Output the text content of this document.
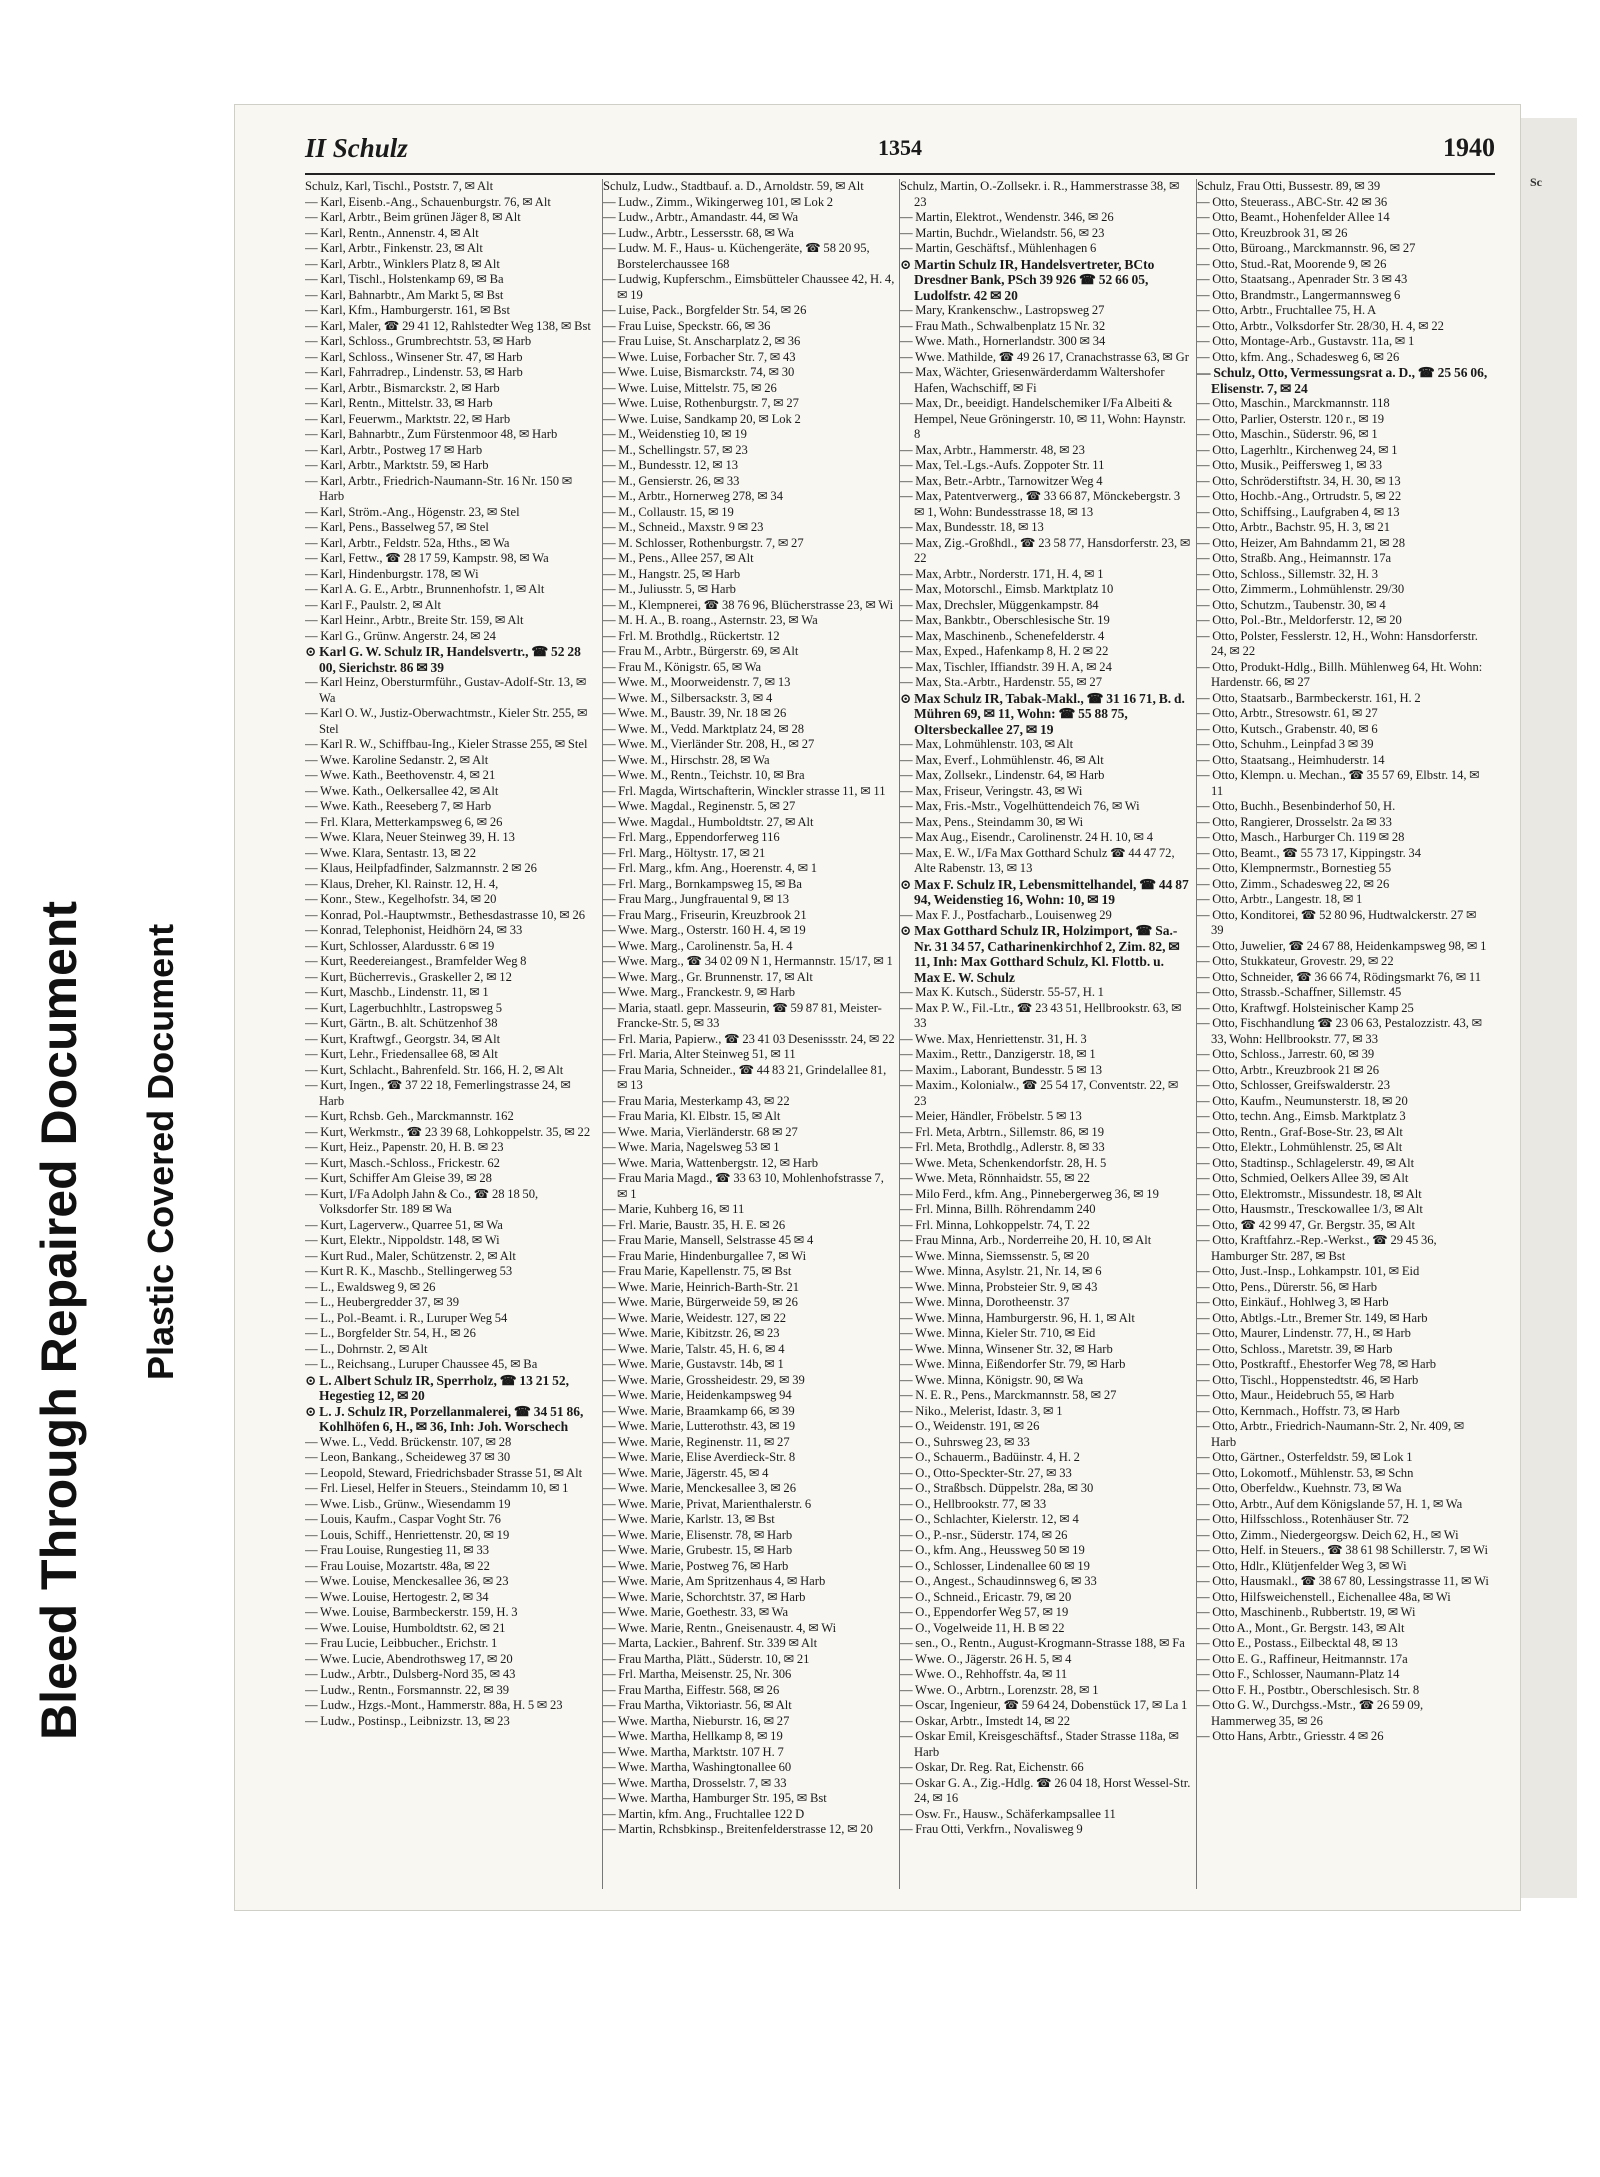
Bleed Through Repaired Document Plastic Covered Document
Sc
II Schulz	1354	1940

Schulz, Karl, Tischl., Poststr. 7, ✉ Alt

— Karl, Eisenb.-Ang., Schauenburgstr. 76, ✉ Alt

— Karl, Arbtr., Beim grünen Jäger 8, ✉ Alt

— Karl, Rentn., Annenstr. 4, ✉ Alt

— Karl, Arbtr., Finkenstr. 23, ✉ Alt

— Karl, Arbtr., Winklers Platz 8, ✉ Alt

— Karl, Tischl., Holstenkamp 69, ✉ Ba

— Karl, Bahnarbtr., Am Markt 5, ✉ Bst

— Karl, Kfm., Hamburgerstr. 161, ✉ Bst

— Karl, Maler, ☎ 29 41 12, Rahlstedter Weg 138, ✉ Bst

— Karl, Schloss., Grumbrechtstr. 53, ✉ Harb

— Karl, Schloss., Winsener Str. 47, ✉ Harb

— Karl, Fahrradrep., Lindenstr. 53, ✉ Harb

— Karl, Arbtr., Bismarckstr. 2, ✉ Harb

— Karl, Rentn., Mittelstr. 33, ✉ Harb

— Karl, Feuerwm., Marktstr. 22, ✉ Harb

— Karl, Bahnarbtr., Zum Fürstenmoor 48, ✉ Harb

— Karl, Arbtr., Postweg 17 ✉ Harb

— Karl, Arbtr., Marktstr. 59, ✉ Harb

— Karl, Arbtr., Friedrich-Naumann-Str. 16 Nr. 150 ✉ Harb

— Karl, Ström.-Ang., Högenstr. 23, ✉ Stel

— Karl, Pens., Basselweg 57, ✉ Stel

— Karl, Arbtr., Feldstr. 52a, Hths., ✉ Wa

— Karl, Fettw., ☎ 28 17 59, Kampstr. 98, ✉ Wa

— Karl, Hindenburgstr. 178, ✉ Wi

— Karl A. G. E., Arbtr., Brunnenhofstr. 1, ✉ Alt

— Karl F., Paulstr. 2, ✉ Alt

— Karl Heinr., Arbtr., Breite Str. 159, ✉ Alt

— Karl G., Grünw. Angerstr. 24, ✉ 24

⊙ Karl G. W. Schulz IR, Handelsvertr., ☎ 52 28 00, Sierichstr. 86 ✉ 39

— Karl Heinz, Obersturmführ., Gustav-Adolf-Str. 13, ✉ Wa

— Karl O. W., Justiz-Oberwachtmstr., Kieler Str. 255, ✉ Stel

— Karl R. W., Schiffbau-Ing., Kieler Strasse 255, ✉ Stel

— Wwe. Karoline Sedanstr. 2, ✉ Alt

— Wwe. Kath., Beethovenstr. 4, ✉ 21

— Wwe. Kath., Oelkersallee 42, ✉ Alt

— Wwe. Kath., Reeseberg 7, ✉ Harb

— Frl. Klara, Metterkampsweg 6, ✉ 26

— Wwe. Klara, Neuer Steinweg 39, H. 13

— Wwe. Klara, Sentastr. 13, ✉ 22

— Klaus, Heilpfadfinder, Salzmannstr. 2 ✉ 26

— Klaus, Dreher, Kl. Rainstr. 12, H. 4,

— Konr., Stew., Kegelhofstr. 34, ✉ 20

— Konrad, Pol.-Hauptwmstr., Bethesdastrasse 10, ✉ 26

— Konrad, Telephonist, Heidhörn 24, ✉ 33

— Kurt, Schlosser, Alardusstr. 6 ✉ 19

— Kurt, Reedereiangest., Bramfelder Weg 8

— Kurt, Bücherrevis., Graskeller 2, ✉ 12

— Kurt, Maschb., Lindenstr. 11, ✉ 1

— Kurt, Lagerbuchhltr., Lastropsweg 5

— Kurt, Gärtn., B. alt. Schützenhof 38

— Kurt, Kraftwgf., Georgstr. 34, ✉ Alt

— Kurt, Lehr., Friedensallee 68, ✉ Alt

— Kurt, Schlacht., Bahrenfeld. Str. 166, H. 2, ✉ Alt

— Kurt, Ingen., ☎ 37 22 18, Femerlingstrasse 24, ✉ Harb

— Kurt, Rchsb. Geh., Marckmannstr. 162

— Kurt, Werkmstr., ☎ 23 39 68, Lohkoppelstr. 35, ✉ 22

— Kurt, Heiz., Papenstr. 20, H. B. ✉ 23

— Kurt, Masch.-Schloss., Frickestr. 62

— Kurt, Schiffer Am Gleise 39, ✉ 28

— Kurt, I/Fa Adolph Jahn & Co., ☎ 28 18 50, Volksdorfer Str. 189 ✉ Wa

— Kurt, Lagerverw., Quarree 51, ✉ Wa

— Kurt, Elektr., Nippoldstr. 148, ✉ Wi

— Kurt Rud., Maler, Schützenstr. 2, ✉ Alt

— Kurt R. K., Maschb., Stellingerweg 53

— L., Ewaldsweg 9, ✉ 26

— L., Heubergredder 37, ✉ 39

— L., Pol.-Beamt. i. R., Luruper Weg 54

— L., Borgfelder Str. 54, H., ✉ 26

— L., Dohrnstr. 2, ✉ Alt

— L., Reichsang., Luruper Chaussee 45, ✉ Ba

⊙ L. Albert Schulz IR, Sperrholz, ☎ 13 21 52, Hegestieg 12, ✉ 20

⊙ L. J. Schulz IR, Porzellanmalerei, ☎ 34 51 86, Kohlhöfen 6, H., ✉ 36, Inh: Joh. Worschech

— Wwe. L., Vedd. Brückenstr. 107, ✉ 28

— Leon, Bankang., Scheideweg 37 ✉ 30

— Leopold, Steward, Friedrichsbader Strasse 51, ✉ Alt

— Frl. Liesel, Helfer in Steuers., Steindamm 10, ✉ 1

— Wwe. Lisb., Grünw., Wiesendamm 19

— Louis, Kaufm., Caspar Voght Str. 76

— Louis, Schiff., Henriettenstr. 20, ✉ 19

— Frau Louise, Rungestieg 11, ✉ 33

— Frau Louise, Mozartstr. 48a, ✉ 22

— Wwe. Louise, Menckesallee 36, ✉ 23

— Wwe. Louise, Hertogestr. 2, ✉ 34

— Wwe. Louise, Barmbeckerstr. 159, H. 3

— Wwe. Louise, Humboldtstr. 62, ✉ 21

— Frau Lucie, Leibbucher., Erichstr. 1

— Wwe. Lucie, Abendrothsweg 17, ✉ 20

— Ludw., Arbtr., Dulsberg-Nord 35, ✉ 43

— Ludw., Rentn., Forsmannstr. 22, ✉ 39

— Ludw., Hzgs.-Mont., Hammerstr. 88a, H. 5 ✉ 23

— Ludw., Postinsp., Leibnizstr. 13, ✉ 23

Schulz, Ludw., Stadtbauf. a. D., Arnoldstr. 59, ✉ Alt

— Ludw., Zimm., Wikingerweg 101, ✉ Lok 2

— Ludw., Arbtr., Amandastr. 44, ✉ Wa

— Ludw., Arbtr., Lessersstr. 68, ✉ Wa

— Ludw. M. F., Haus- u. Küchengeräte, ☎ 58 20 95, Borstelerchaussee 168

— Ludwig, Kupferschm., Eimsbütteler Chaussee 42, H. 4, ✉ 19

— Luise, Pack., Borgfelder Str. 54, ✉ 26

— Frau Luise, Speckstr. 66, ✉ 36

— Frau Luise, St. Anscharplatz 2, ✉ 36

— Wwe. Luise, Forbacher Str. 7, ✉ 43

— Wwe. Luise, Bismarckstr. 74, ✉ 30

— Wwe. Luise, Mittelstr. 75, ✉ 26

— Wwe. Luise, Rothenburgstr. 7, ✉ 27

— Wwe. Luise, Sandkamp 20, ✉ Lok 2

— M., Weidenstieg 10, ✉ 19

— M., Schellingstr. 57, ✉ 23

— M., Bundesstr. 12, ✉ 13

— M., Gensierstr. 26, ✉ 33

— M., Arbtr., Hornerweg 278, ✉ 34

— M., Collaustr. 15, ✉ 19

— M., Schneid., Maxstr. 9 ✉ 23

— M. Schlosser, Rothenburgstr. 7, ✉ 27

— M., Pens., Allee 257, ✉ Alt

— M., Hangstr. 25, ✉ Harb

— M., Juliusstr. 5, ✉ Harb

— M., Klempnerei, ☎ 38 76 96, Blücherstrasse 23, ✉ Wi

— M. H. A., B. roang., Asternstr. 23, ✉ Wa

— Frl. M. Brothdlg., Rückertstr. 12

— Frau M., Arbtr., Bürgerstr. 69, ✉ Alt

— Frau M., Königstr. 65, ✉ Wa

— Wwe. M., Moorweidenstr. 7, ✉ 13

— Wwe. M., Silbersackstr. 3, ✉ 4

— Wwe. M., Baustr. 39, Nr. 18 ✉ 26

— Wwe. M., Vedd. Marktplatz 24, ✉ 28

— Wwe. M., Vierländer Str. 208, H., ✉ 27

— Wwe. M., Hirschstr. 28, ✉ Wa

— Wwe. M., Rentn., Teichstr. 10, ✉ Bra

— Frl. Magda, Wirtschafterin, Winckler strasse 11, ✉ 11

— Wwe. Magdal., Reginenstr. 5, ✉ 27

— Wwe. Magdal., Humboldtstr. 27, ✉ Alt

— Frl. Marg., Eppendorferweg 116

— Frl. Marg., Höltystr. 17, ✉ 21

— Frl. Marg., kfm. Ang., Hoerenstr. 4, ✉ 1

— Frl. Marg., Bornkampsweg 15, ✉ Ba

— Frau Marg., Jungfrauental 9, ✉ 13

— Frau Marg., Friseurin, Kreuzbrook 21

— Wwe. Marg., Osterstr. 160 H. 4, ✉ 19

— Wwe. Marg., Carolinenstr. 5a, H. 4

— Wwe. Marg., ☎ 34 02 09 N 1, Hermannstr. 15/17, ✉ 1

— Wwe. Marg., Gr. Brunnenstr. 17, ✉ Alt

— Wwe. Marg., Franckestr. 9, ✉ Harb

— Maria, staatl. gepr. Masseurin, ☎ 59 87 81, Meister-Francke-Str. 5, ✉ 33

— Frl. Maria, Papierw., ☎ 23 41 03 Desenissstr. 24, ✉ 22

— Frl. Maria, Alter Steinweg 51, ✉ 11

— Frau Maria, Schneider., ☎ 44 83 21, Grindelallee 81, ✉ 13

— Frau Maria, Mesterkamp 43, ✉ 22

— Frau Maria, Kl. Elbstr. 15, ✉ Alt

— Wwe. Maria, Vierländerstr. 68 ✉ 27

— Wwe. Maria, Nagelsweg 53 ✉ 1

— Wwe. Maria, Wattenbergstr. 12, ✉ Harb

— Frau Maria Magd., ☎ 33 63 10, Mohlenhofstrasse 7, ✉ 1

— Marie, Kuhberg 16, ✉ 11

— Frl. Marie, Baustr. 35, H. E. ✉ 26

— Frau Marie, Mansell, Selstrasse 45 ✉ 4

— Frau Marie, Hindenburgallee 7, ✉ Wi

— Frau Marie, Kapellenstr. 75, ✉ Bst

— Wwe. Marie, Heinrich-Barth-Str. 21

— Wwe. Marie, Bürgerweide 59, ✉ 26

— Wwe. Marie, Weidestr. 127, ✉ 22

— Wwe. Marie, Kibitzstr. 26, ✉ 23

— Wwe. Marie, Talstr. 45, H. 6, ✉ 4

— Wwe. Marie, Gustavstr. 14b, ✉ 1

— Wwe. Marie, Grossheidestr. 29, ✉ 39

— Wwe. Marie, Heidenkampsweg 94

— Wwe. Marie, Braamkamp 66, ✉ 39

— Wwe. Marie, Lutterothstr. 43, ✉ 19

— Wwe. Marie, Reginenstr. 11, ✉ 27

— Wwe. Marie, Elise Averdieck-Str. 8

— Wwe. Marie, Jägerstr. 45, ✉ 4

— Wwe. Marie, Menckesallee 3, ✉ 26

— Wwe. Marie, Privat, Marienthalerstr. 6

— Wwe. Marie, Karlstr. 13, ✉ Bst

— Wwe. Marie, Elisenstr. 78, ✉ Harb

— Wwe. Marie, Grubestr. 15, ✉ Harb

— Wwe. Marie, Postweg 76, ✉ Harb

— Wwe. Marie, Am Spritzenhaus 4, ✉ Harb

— Wwe. Marie, Schorchtstr. 37, ✉ Harb

— Wwe. Marie, Goethestr. 33, ✉ Wa

— Wwe. Marie, Rentn., Gneisenaustr. 4, ✉ Wi

— Marta, Lackier., Bahrenf. Str. 339 ✉ Alt

— Frau Martha, Plätt., Süderstr. 10, ✉ 21

— Frl. Martha, Meisenstr. 25, Nr. 306

— Frau Martha, Eiffestr. 568, ✉ 26

— Frau Martha, Viktoriastr. 56, ✉ Alt

— Wwe. Martha, Nieburstr. 16, ✉ 27

— Wwe. Martha, Hellkamp 8, ✉ 19

— Wwe. Martha, Marktstr. 107 H. 7

— Wwe. Martha, Washingtonallee 60

— Wwe. Martha, Drosselstr. 7, ✉ 33

— Wwe. Martha, Hamburger Str. 195, ✉ Bst

— Martin, kfm. Ang., Fruchtallee 122 D

— Martin, Rchsbkinsp., Breitenfelderstrasse 12, ✉ 20

Schulz, Martin, O.-Zollsekr. i. R., Hammerstrasse 38, ✉ 23

— Martin, Elektrot., Wendenstr. 346, ✉ 26

— Martin, Buchdr., Wielandstr. 56, ✉ 23

— Martin, Geschäftsf., Mühlenhagen 6

⊙ Martin Schulz IR, Handelsvertreter, BCto Dresdner Bank, PSch 39 926 ☎ 52 66 05, Ludolfstr. 42 ✉ 20

— Mary, Krankenschw., Lastropsweg 27

— Frau Math., Schwalbenplatz 15 Nr. 32

— Wwe. Math., Hornerlandstr. 300 ✉ 34

— Wwe. Mathilde, ☎ 49 26 17, Cranachstrasse 63, ✉ Gr

— Max, Wächter, Griesenwärderdamm Waltershofer Hafen, Wachschiff, ✉ Fi

— Max, Dr., beeidigt. Handelschemiker I/Fa Albeiti & Hempel, Neue Gröningerstr. 10, ✉ 11, Wohn: Haynstr. 8

— Max, Arbtr., Hammerstr. 48, ✉ 23

— Max, Tel.-Lgs.-Aufs. Zoppoter Str. 11

— Max, Betr.-Arbtr., Tarnowitzer Weg 4

— Max, Patentverwerg., ☎ 33 66 87, Mönckebergstr. 3 ✉ 1, Wohn: Bundesstrasse 18, ✉ 13

— Max, Bundesstr. 18, ✉ 13

— Max, Zig.-Großhdl., ☎ 23 58 77, Hansdorferstr. 23, ✉ 22

— Max, Arbtr., Norderstr. 171, H. 4, ✉ 1

— Max, Motorschl., Eimsb. Marktplatz 10

— Max, Drechsler, Müggenkampstr. 84

— Max, Bankbtr., Oberschlesische Str. 19

— Max, Maschinenb., Schenefelderstr. 4

— Max, Exped., Hafenkamp 8, H. 2 ✉ 22

— Max, Tischler, Iffiandstr. 39 H. A, ✉ 24

— Max, Sta.-Arbtr., Hardenstr. 55, ✉ 27

⊙ Max Schulz IR, Tabak-Makl., ☎ 31 16 71, B. d. Mühren 69, ✉ 11, Wohn: ☎ 55 88 75, Oltersbeckallee 27, ✉ 19

— Max, Lohmühlenstr. 103, ✉ Alt

— Max, Everf., Lohmühlenstr. 46, ✉ Alt

— Max, Zollsekr., Lindenstr. 64, ✉ Harb

— Max, Friseur, Veringstr. 43, ✉ Wi

— Max, Fris.-Mstr., Vogelhüttendeich 76, ✉ Wi

— Max, Pens., Steindamm 30, ✉ Wi

— Max Aug., Eisendr., Carolinenstr. 24 H. 10, ✉ 4

— Max, E. W., I/Fa Max Gotthard Schulz ☎ 44 47 72, Alte Rabenstr. 13, ✉ 13

⊙ Max F. Schulz IR, Lebensmittelhandel, ☎ 44 87 94, Weidenstieg 16, Wohn: 10, ✉ 19

— Max F. J., Postfacharb., Louisenweg 29

⊙ Max Gotthard Schulz IR, Holzimport, ☎ Sa.-Nr. 31 34 57, Catharinenkirchhof 2, Zim. 82, ✉ 11, Inh: Max Gotthard Schulz, Kl. Flottb. u. Max E. W. Schulz

— Max K. Kutsch., Süderstr. 55-57, H. 1

— Max P. W., Fil.-Ltr., ☎ 23 43 51, Hellbrookstr. 63, ✉ 33

— Wwe. Max, Henriettenstr. 31, H. 3

— Maxim., Rettr., Danzigerstr. 18, ✉ 1

— Maxim., Laborant, Bundesstr. 5 ✉ 13

— Maxim., Kolonialw., ☎ 25 54 17, Conventstr. 22, ✉ 23

— Meier, Händler, Fröbelstr. 5 ✉ 13

— Frl. Meta, Arbtrn., Sillemstr. 86, ✉ 19

— Frl. Meta, Brothdlg., Adlerstr. 8, ✉ 33

— Wwe. Meta, Schenkendorfstr. 28, H. 5

— Wwe. Meta, Rönnhaidstr. 55, ✉ 22

— Milo Ferd., kfm. Ang., Pinnebergerweg 36, ✉ 19

— Frl. Minna, Billh. Röhrendamm 240

— Frl. Minna, Lohkoppelstr. 74, T. 22

— Frau Minna, Arb., Norderreihe 20, H. 10, ✉ Alt

— Wwe. Minna, Siemssenstr. 5, ✉ 20

— Wwe. Minna, Asylstr. 21, Nr. 14, ✉ 6

— Wwe. Minna, Probsteier Str. 9, ✉ 43

— Wwe. Minna, Dorotheenstr. 37

— Wwe. Minna, Hamburgerstr. 96, H. 1, ✉ Alt

— Wwe. Minna, Kieler Str. 710, ✉ Eid

— Wwe. Minna, Winsener Str. 32, ✉ Harb

— Wwe. Minna, Eißendorfer Str. 79, ✉ Harb

— Wwe. Minna, Königstr. 90, ✉ Wa

— N. E. R., Pens., Marckmannstr. 58, ✉ 27

— Niko., Melerist, Idastr. 3, ✉ 1

— O., Weidenstr. 191, ✉ 26

— O., Suhrsweg 23, ✉ 33

— O., Schauerm., Badüinstr. 4, H. 2

— O., Otto-Speckter-Str. 27, ✉ 33

— O., Straßbsch. Düppelstr. 28a, ✉ 30

— O., Hellbrookstr. 77, ✉ 33

— O., Schlachter, Kielerstr. 12, ✉ 4

— O., P.-nsr., Süderstr. 174, ✉ 26

— O., kfm. Ang., Heussweg 50 ✉ 19

— O., Schlosser, Lindenallee 60 ✉ 19

— O., Angest., Schaudinnsweg 6, ✉ 33

— O., Schneid., Ericastr. 79, ✉ 20

— O., Eppendorfer Weg 57, ✉ 19

— O., Vogelweide 11, H. B ✉ 22

— sen., O., Rentn., August-Krogmann-Strasse 188, ✉ Fa

— Wwe. O., Jägerstr. 26 H. 5, ✉ 4

— Wwe. O., Rehhoffstr. 4a, ✉ 11

— Wwe. O., Arbtrn., Lorenzstr. 28, ✉ 1

— Oscar, Ingenieur, ☎ 59 64 24, Dobenstück 17, ✉ La 1

— Oskar, Arbtr., Imstedt 14, ✉ 22

— Oskar Emil, Kreisgeschäftsf., Stader Strasse 118a, ✉ Harb

— Oskar, Dr. Reg. Rat, Eichenstr. 66

— Oskar G. A., Zig.-Hdlg. ☎ 26 04 18, Horst Wessel-Str. 24, ✉ 16

— Osw. Fr., Hausw., Schäferkampsallee 11

— Frau Otti, Verkfrn., Novalisweg 9

Schulz, Frau Otti, Bussestr. 89, ✉ 39

— Otto, Steuerass., ABC-Str. 42 ✉ 36

— Otto, Beamt., Hohenfelder Allee 14

— Otto, Kreuzbrook 31, ✉ 26

— Otto, Büroang., Marckmannstr. 96, ✉ 27

— Otto, Stud.-Rat, Moorende 9, ✉ 26

— Otto, Staatsang., Apenrader Str. 3 ✉ 43

— Otto, Brandmstr., Langermannsweg 6

— Otto, Arbtr., Fruchtallee 75, H. A

— Otto, Arbtr., Volksdorfer Str. 28/30, H. 4, ✉ 22

— Otto, Montage-Arb., Gustavstr. 11a, ✉ 1

— Otto, kfm. Ang., Schadesweg 6, ✉ 26

— Schulz, Otto, Vermessungsrat a. D., ☎ 25 56 06, Elisenstr. 7, ✉ 24

— Otto, Maschin., Marckmannstr. 118

— Otto, Parlier, Osterstr. 120 r., ✉ 19

— Otto, Maschin., Süderstr. 96, ✉ 1

— Otto, Lagerhltr., Kirchenweg 24, ✉ 1

— Otto, Musik., Peiffersweg 1, ✉ 33

— Otto, Schröderstiftstr. 34, H. 30, ✉ 13

— Otto, Hochb.-Ang., Ortrudstr. 5, ✉ 22

— Otto, Schiffsing., Laufgraben 4, ✉ 13

— Otto, Arbtr., Bachstr. 95, H. 3, ✉ 21

— Otto, Heizer, Am Bahndamm 21, ✉ 28

— Otto, Straßb. Ang., Heimannstr. 17a

— Otto, Schloss., Sillemstr. 32, H. 3

— Otto, Zimmerm., Lohmühlenstr. 29/30

— Otto, Schutzm., Taubenstr. 30, ✉ 4

— Otto, Pol.-Btr., Meldorferstr. 12, ✉ 20

— Otto, Polster, Fesslerstr. 12, H., Wohn: Hansdorferstr. 24, ✉ 22

— Otto, Produkt-Hdlg., Billh. Mühlenweg 64, Ht. Wohn: Hardenstr. 66, ✉ 27

— Otto, Staatsarb., Barmbeckerstr. 161, H. 2

— Otto, Arbtr., Stresowstr. 61, ✉ 27

— Otto, Kutsch., Grabenstr. 40, ✉ 6

— Otto, Schuhm., Leinpfad 3 ✉ 39

— Otto, Staatsang., Heimhuderstr. 14

— Otto, Klempn. u. Mechan., ☎ 35 57 69, Elbstr. 14, ✉ 11

— Otto, Buchh., Besenbinderhof 50, H.

— Otto, Rangierer, Drosselstr. 2a ✉ 33

— Otto, Masch., Harburger Ch. 119 ✉ 28

— Otto, Beamt., ☎ 55 73 17, Kippingstr. 34

— Otto, Klempnermstr., Bornestieg 55

— Otto, Zimm., Schadesweg 22, ✉ 26

— Otto, Arbtr., Langestr. 18, ✉ 1

— Otto, Konditorei, ☎ 52 80 96, Hudtwalckerstr. 27 ✉ 39

— Otto, Juwelier, ☎ 24 67 88, Heidenkampsweg 98, ✉ 1

— Otto, Stukkateur, Grovestr. 29, ✉ 22

— Otto, Schneider, ☎ 36 66 74, Rödingsmarkt 76, ✉ 11

— Otto, Strassb.-Schaffner, Sillemstr. 45

— Otto, Kraftwgf. Holsteinischer Kamp 25

— Otto, Fischhandlung ☎ 23 06 63, Pestalozzistr. 43, ✉ 33, Wohn: Hellbrookstr. 77, ✉ 33

— Otto, Schloss., Jarrestr. 60, ✉ 39

— Otto, Arbtr., Kreuzbrook 21 ✉ 26

— Otto, Schlosser, Greifswalderstr. 23

— Otto, Kaufm., Neumunsterstr. 18, ✉ 20

— Otto, techn. Ang., Eimsb. Marktplatz 3

— Otto, Rentn., Graf-Bose-Str. 23, ✉ Alt

— Otto, Elektr., Lohmühlenstr. 25, ✉ Alt

— Otto, Stadtinsp., Schlagelerstr. 49, ✉ Alt

— Otto, Schmied, Oelkers Allee 39, ✉ Alt

— Otto, Elektromstr., Missundestr. 18, ✉ Alt

— Otto, Hausmstr., Tresckowallee 1/3, ✉ Alt

— Otto, ☎ 42 99 47, Gr. Bergstr. 35, ✉ Alt

— Otto, Kraftfahrz.-Rep.-Werkst., ☎ 29 45 36, Hamburger Str. 287, ✉ Bst

— Otto, Just.-Insp., Lohkampstr. 101, ✉ Eid

— Otto, Pens., Dürerstr. 56, ✉ Harb

— Otto, Einkäuf., Hohlweg 3, ✉ Harb

— Otto, Abtlgs.-Ltr., Bremer Str. 149, ✉ Harb

— Otto, Maurer, Lindenstr. 77, H., ✉ Harb

— Otto, Schloss., Maretstr. 39, ✉ Harb

— Otto, Postkraftf., Ehestorfer Weg 78, ✉ Harb

— Otto, Tischl., Hoppenstedtstr. 46, ✉ Harb

— Otto, Maur., Heidebruch 55, ✉ Harb

— Otto, Kernmach., Hoffstr. 73, ✉ Harb

— Otto, Arbtr., Friedrich-Naumann-Str. 2, Nr. 409, ✉ Harb

— Otto, Gärtner., Osterfeldstr. 59, ✉ Lok 1

— Otto, Lokomotf., Mühlenstr. 53, ✉ Schn

— Otto, Oberfeldw., Kuehnstr. 73, ✉ Wa

— Otto, Arbtr., Auf dem Königslande 57, H. 1, ✉ Wa

— Otto, Hilfsschloss., Rotenhäuser Str. 72

— Otto, Zimm., Niedergeorgsw. Deich 62, H., ✉ Wi

— Otto, Helf. in Steuers., ☎ 38 61 98 Schillerstr. 7, ✉ Wi

— Otto, Hdlr., Klütjenfelder Weg 3, ✉ Wi

— Otto, Hausmakl., ☎ 38 67 80, Lessingstrasse 11, ✉ Wi

— Otto, Hilfsweichenstell., Eichenallee 48a, ✉ Wi

— Otto, Maschinenb., Rubbertstr. 19, ✉ Wi

— Otto A., Mont., Gr. Bergstr. 143, ✉ Alt

— Otto E., Postass., Eilbecktal 48, ✉ 13

— Otto E. G., Raffineur, Heitmannstr. 17a

— Otto F., Schlosser, Naumann-Platz 14

— Otto F. H., Postbtr., Oberschlesisch. Str. 8

— Otto G. W., Durchgss.-Mstr., ☎ 26 59 09, Hammerweg 35, ✉ 26

— Otto Hans, Arbtr., Griesstr. 4 ✉ 26
